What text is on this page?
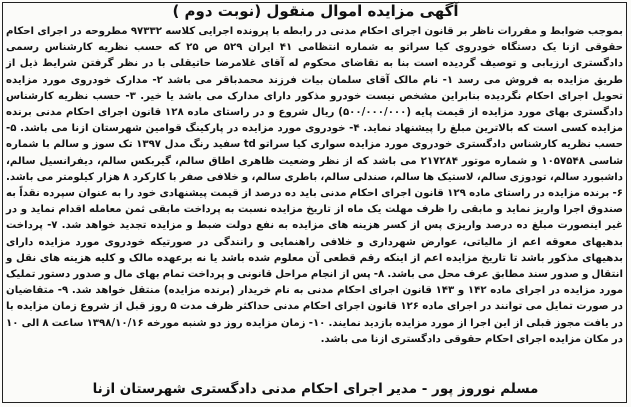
آگهی مزایده اموال منقول (نوبت دوم )
بموجب ضوابط و مقررات ناظر بر قانون اجرای احکام مدنی در رابطه با پرونده اجرایی کلاسه ۹۷۳۳۲ مطروحه در اجرای احکام حقوقی ازنا یک دستگاه خودروی کیا سراتو به شماره انتظامی ۴۱ ایران ۵۲۹ ص ۲۵ که حسب نظریه کارشناس رسمی دادگستری ارزیابی و توصیف گردیده است بنا به تقاضای محکوم له آقای غلامرضا حاتیقلی با در نظر گرفتن شرایط ذیل از طریق مزایده به فروش می رسد ۱- نام مالک آقای سلمان بیات فرزند محمدباقر می باشد ۲- مدارک خودروی مورد مزایده تحویل اجرای احکام نگردیده بنابراین مشخص نیست خودرو مذکور دارای مدارک می باشد یا خیر. ۳- حسب نظریه کارشناس دادگستری بهای مورد مزایده از قیمت پایه (۵۰۰/۰۰۰/۰۰۰) ریال شروع و در راستای ماده ۱۲۸ قانون اجرای احکام مدنی برنده مزایده کسی است که بالاترین مبلغ را پیشنهاد نماید. ۴- خودروی مورد مزایده در پارکینگ قوامین شهرستان ازنا می باشد. ۵- حسب نظریه کارشناس دادگستری خودروی مورد مزایده سواری کیا سراتو td سفید رنگ مدل ۱۳۹۷ تک سوز و سالم با شماره شاسی ۱۰۵۷۵۴۸ و شماره موتور ۲۱۷۲۸۴ می باشد که از نظر وضعیت ظاهری اطاق سالم، گیربکس سالم، دیفرانسیل سالم، داشبورد سالم، تودوزی سالم، لاستیک ها سالم، صندلی سالم، باطری سالم، و خلافی صفر با کارکرد ۸ هزار کیلومتر می باشد. ۶- برنده مزایده در راستای ماده ۱۲۹ قانون اجرای احکام مدنی باید ده درصد از قیمت پیشنهادی خود را به عنوان سپرده نقداً به صندوق اجرا واریز نماید و مابقی را ظرف مهلت یک ماه از تاریخ مزایده نسبت به پرداخت مابقی ثمن معامله اقدام نماید و در غیر اینصورت مبلغ ده درصد واریزی پس از کسر هزینه های مزایده به نفع دولت ضبط و مزایده تجدید خواهد شد. ۷- پرداخت بدهیهای معوقه اعم از مالیاتی، عوارض شهرداری و خلافی راهنمایی و رانندگی در صورتیکه خودروی مورد مزایده دارای بدهیهای مذکور باشد تا تاریخ مزایده اعم از اینکه رقم قطعی آن معلوم شده باشد یا نه برعهده مالک و کلیه هزینه های نقل و انتقال و صدور سند مطابق عرف محل می باشد. ۸- پس از انجام مراحل قانونی و پرداخت تمام بهای مال و صدور دستور تملیک مورد مزایده در اجرای ماده ۱۴۲ و ۱۴۳ قانون اجرای احکام مدنی به نام خریدار (برنده مزایده) منتقل خواهد شد. ۹- متقاضیان در صورت تمایل می توانند در اجرای ماده ۱۲۶ قانون اجرای احکام مدنی حداکثر ظرف مدت ۵ روز قبل از شروع زمان مزایده با در یافت مجوز قبلی از این اجرا از مورد مزایده بازدید نمایند. ۱۰- زمان مزایده روز دو شنبه مورخه ۱۳۹۸/۱۰/۱۶ ساعت ۸ الی ۱۰ در مکان مزایده اجرای احکام حقوقی دادگستری ازنا می باشد.
مسلم نوروز پور - مدیر اجرای احکام مدنی دادگستری شهرستان ازنا
